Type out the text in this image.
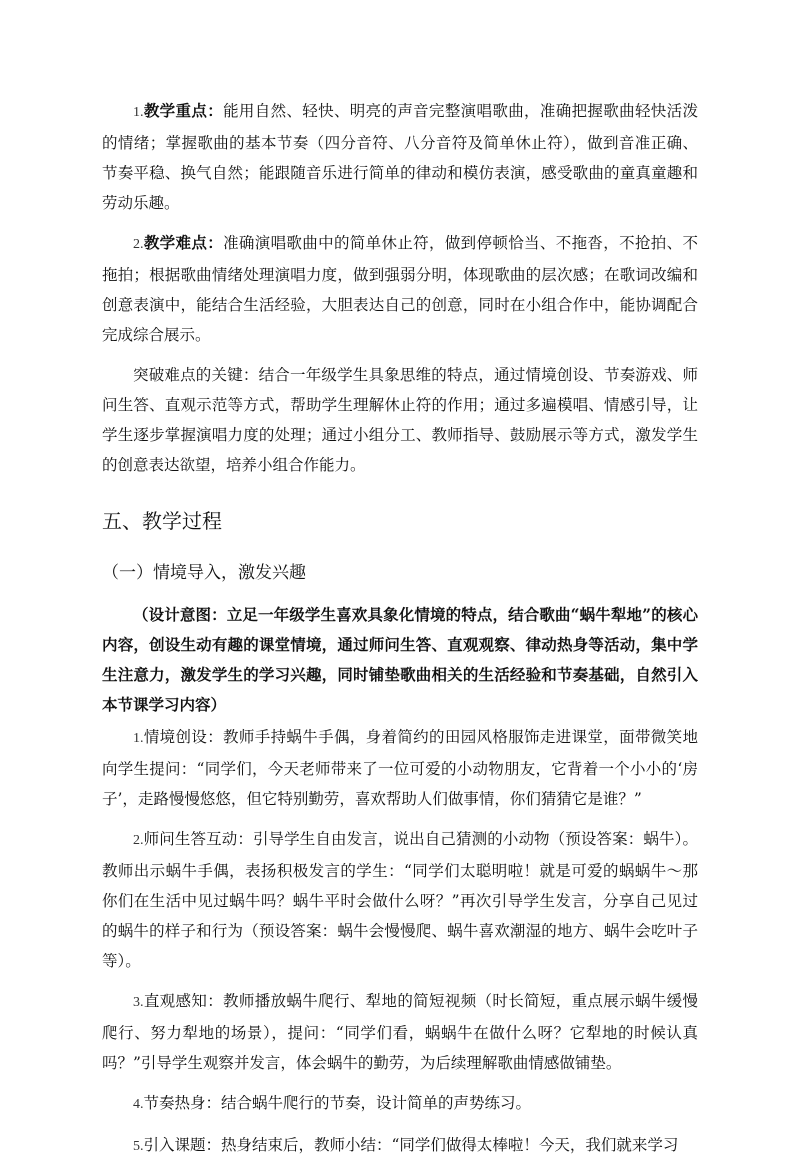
1.教学重点：能用自然、轻快、明亮的声音完整演唱歌曲，准确把握歌曲轻快活泼的情绪；掌握歌曲的基本节奏（四分音符、八分音符及简单休止符），做到音准正确、节奏平稳、换气自然；能跟随音乐进行简单的律动和模仿表演，感受歌曲的童真童趣和劳动乐趣。

2.教学难点：准确演唱歌曲中的简单休止符，做到停顿恰当、不拖沓，不抢拍、不拖拍；根据歌曲情绪处理演唱力度，做到强弱分明，体现歌曲的层次感；在歌词改编和创意表演中，能结合生活经验，大胆表达自己的创意，同时在小组合作中，能协调配合完成综合展示。

突破难点的关键：结合一年级学生具象思维的特点，通过情境创设、节奏游戏、师问生答、直观示范等方式，帮助学生理解休止符的作用；通过多遍模唱、情感引导，让学生逐步掌握演唱力度的处理；通过小组分工、教师指导、鼓励展示等方式，激发学生的创意表达欲望，培养小组合作能力。

五、教学过程
（一）情境导入，激发兴趣

（设计意图：立足一年级学生喜欢具象化情境的特点，结合歌曲“蜗牛犁地”的核心内容，创设生动有趣的课堂情境，通过师问生答、直观观察、律动热身等活动，集中学生注意力，激发学生的学习兴趣，同时铺垫歌曲相关的生活经验和节奏基础，自然引入本节课学习内容）

1.情境创设：教师手持蜗牛手偶，身着简约的田园风格服饰走进课堂，面带微笑地向学生提问：“同学们，今天老师带来了一位可爱的小动物朋友，它背着一个小小的‘房子’，走路慢慢悠悠，但它特别勤劳，喜欢帮助人们做事情，你们猜猜它是谁？”

2.师问生答互动：引导学生自由发言，说出自己猜测的小动物（预设答案：蜗牛）。教师出示蜗牛手偶，表扬积极发言的学生：“同学们太聪明啦！就是可爱的蜗蜗牛～那你们在生活中见过蜗牛吗？蜗牛平时会做什么呀？”再次引导学生发言，分享自己见过的蜗牛的样子和行为（预设答案：蜗牛会慢慢爬、蜗牛喜欢潮湿的地方、蜗牛会吃叶子等）。

3.直观感知：教师播放蜗牛爬行、犁地的简短视频（时长简短，重点展示蜗牛缓慢爬行、努力犁地的场景），提问：“同学们看，蜗蜗牛在做什么呀？它犁地的时候认真吗？”引导学生观察并发言，体会蜗牛的勤劳，为后续理解歌曲情感做铺垫。

4.节奏热身：结合蜗牛爬行的节奏，设计简单的声势练习。

5.引入课题：热身结束后，教师小结：“同学们做得太棒啦！今天，我们就来学习
